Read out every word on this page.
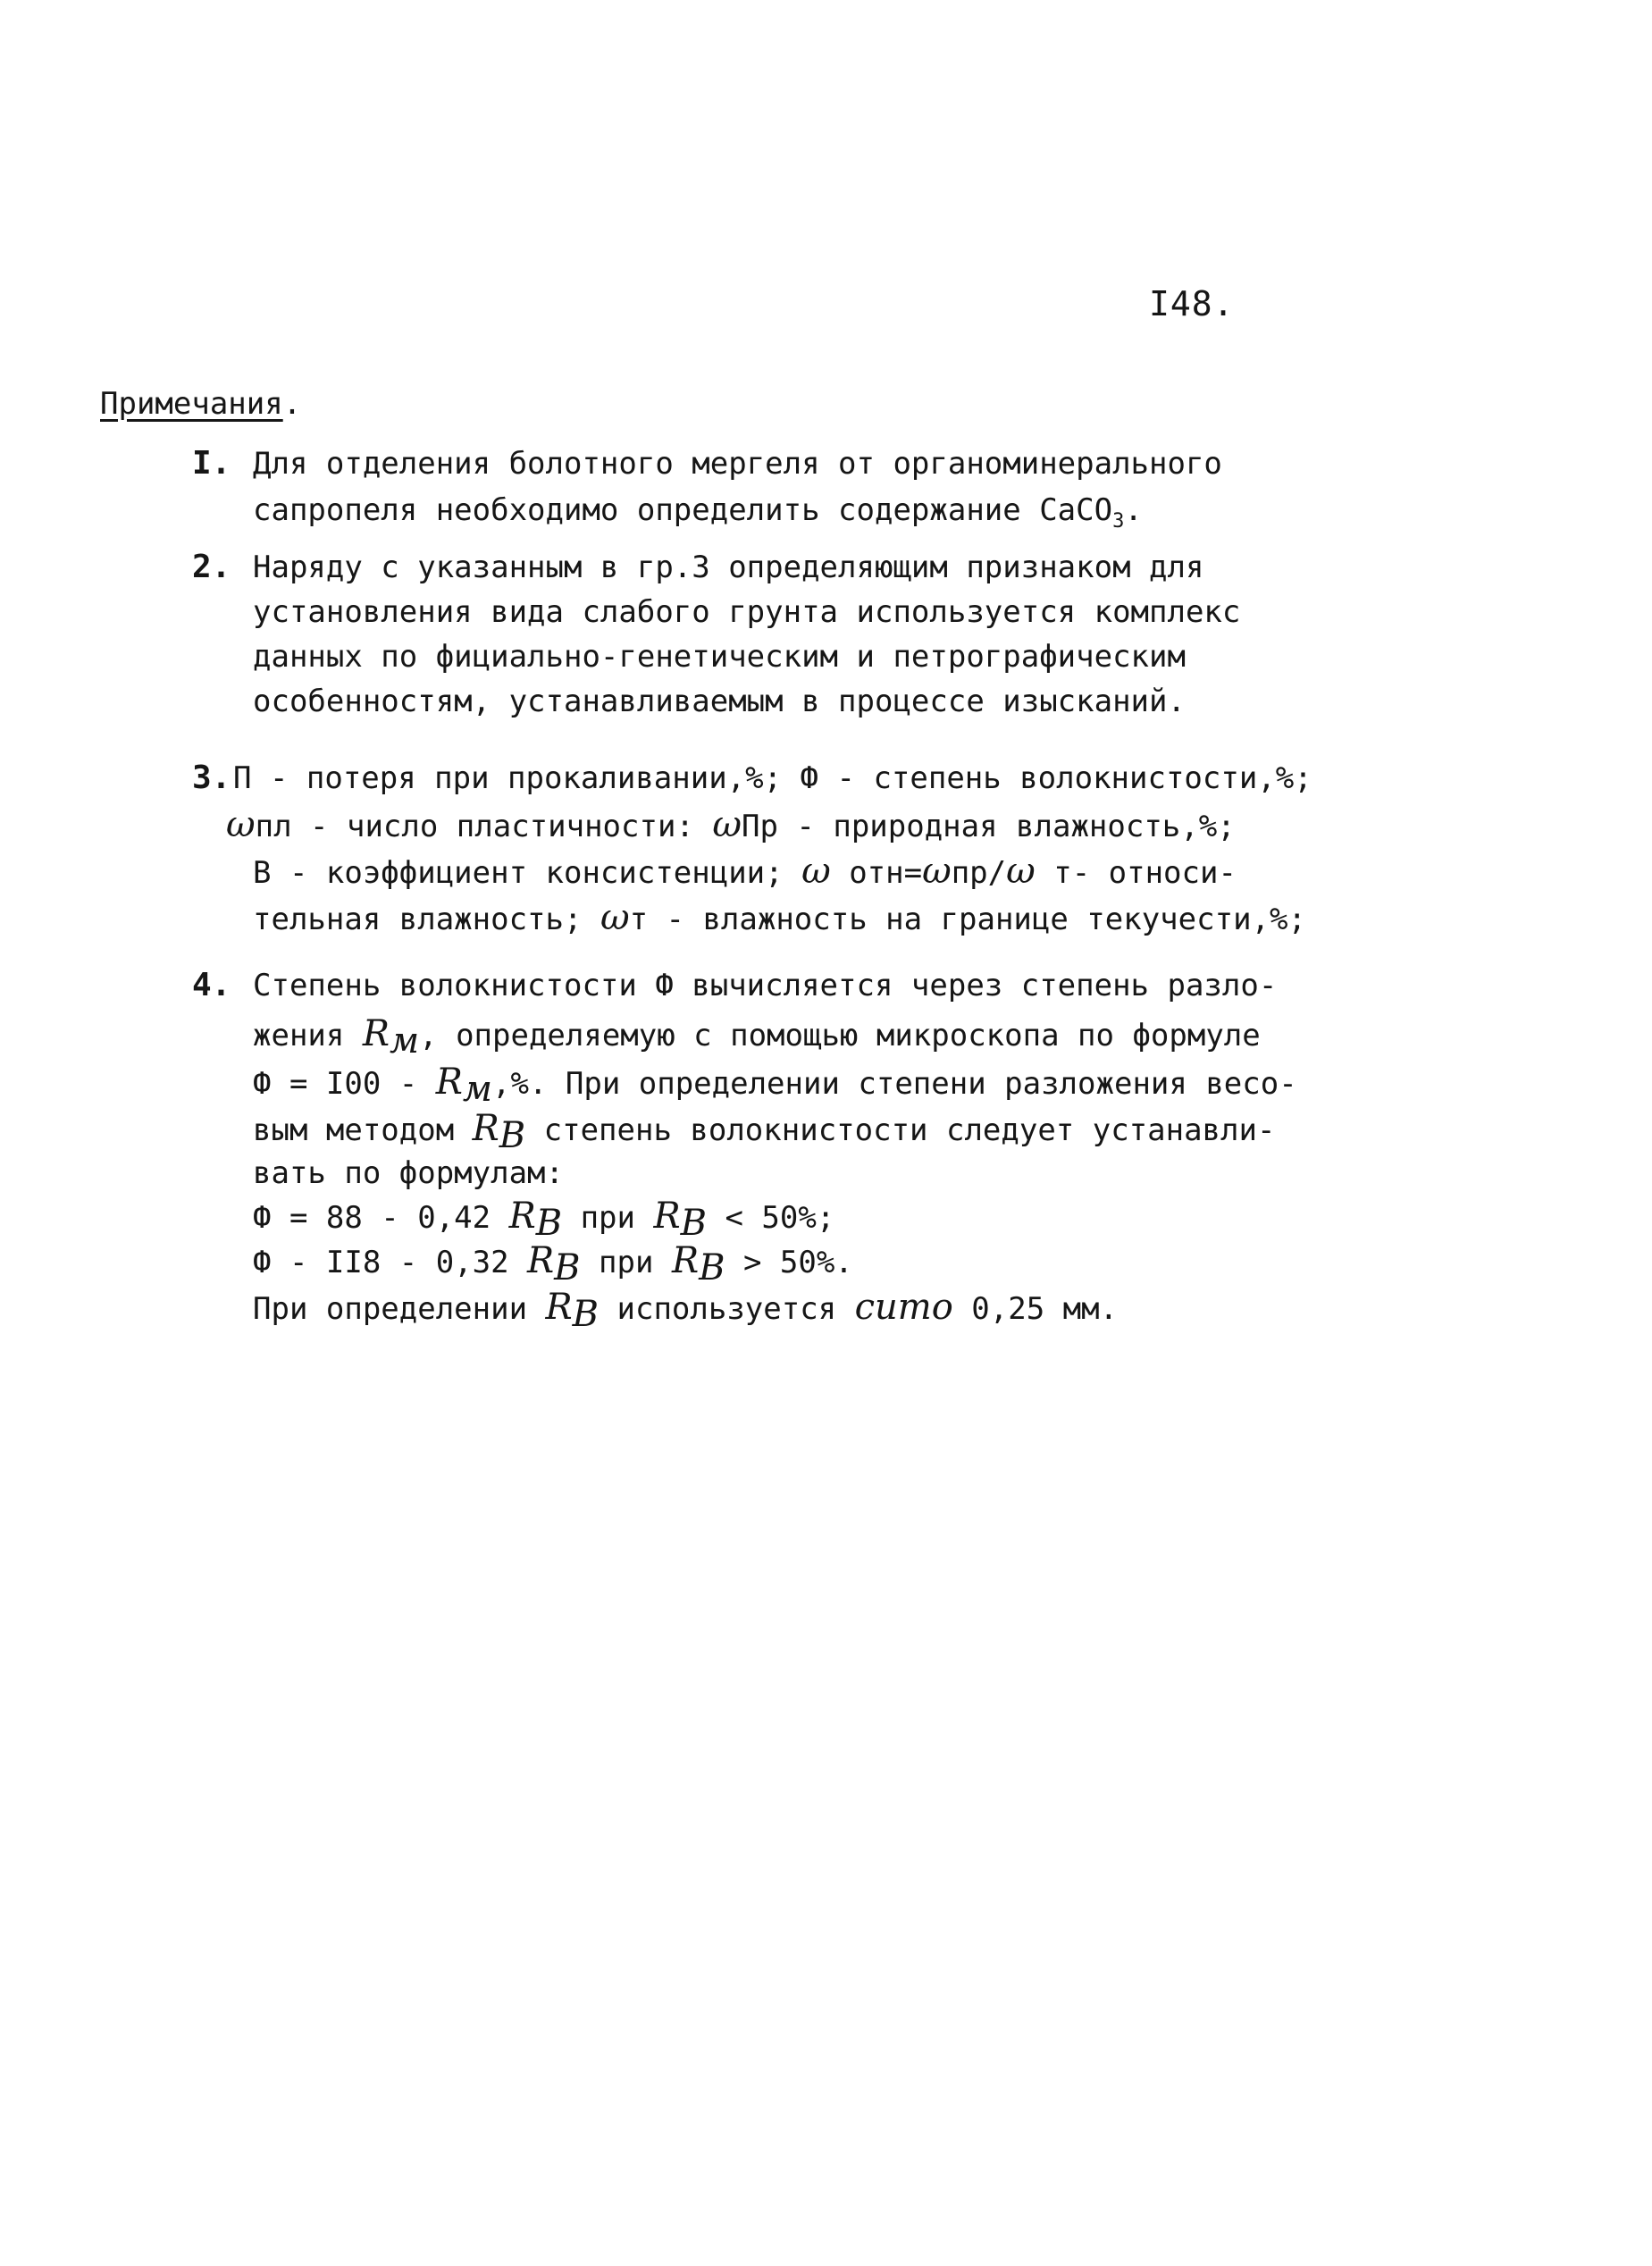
I48.
Примечания.
I. Для отделения болотного мергеля от органоминерального
сапропеля необходимо определить содержание CaCO$_3$.
2. Наряду с указанным в гр.3 определяющим признаком для
установления вида слабого грунта используется комплекс
данных по фициально-генетическим и петрографическим
особенностям, устанавливаемым в процессе изысканий.
3. П - потеря при прокаливании,%; Ф - степень волокнистости,%;
ωпл - число пластичности: ωПр - природная влажность,%;
В - коэффициент консистенции; ω отн=ωпр/ω т- относи-
тельная влажность; ωт - влажность на границе текучести,%;
4. Степень волокнистости Ф вычисляется через степень разло-
жения $R_м$, определяемую с помощью микроскопа по формуле
$Ф = I00 - R_м,\%$. При определении степени разложения весо-
вым методом $R_В$ степень волокнистости следует устанавли-
вать по формулам:
Ф = 88 - 0,42 $R_В$ при $R_В < 50\%$;
Ф - II8 - 0,32 $R_В$ при $R_В > 50\%$.
При определении $R_В$ используется сито 0,25 мм.
